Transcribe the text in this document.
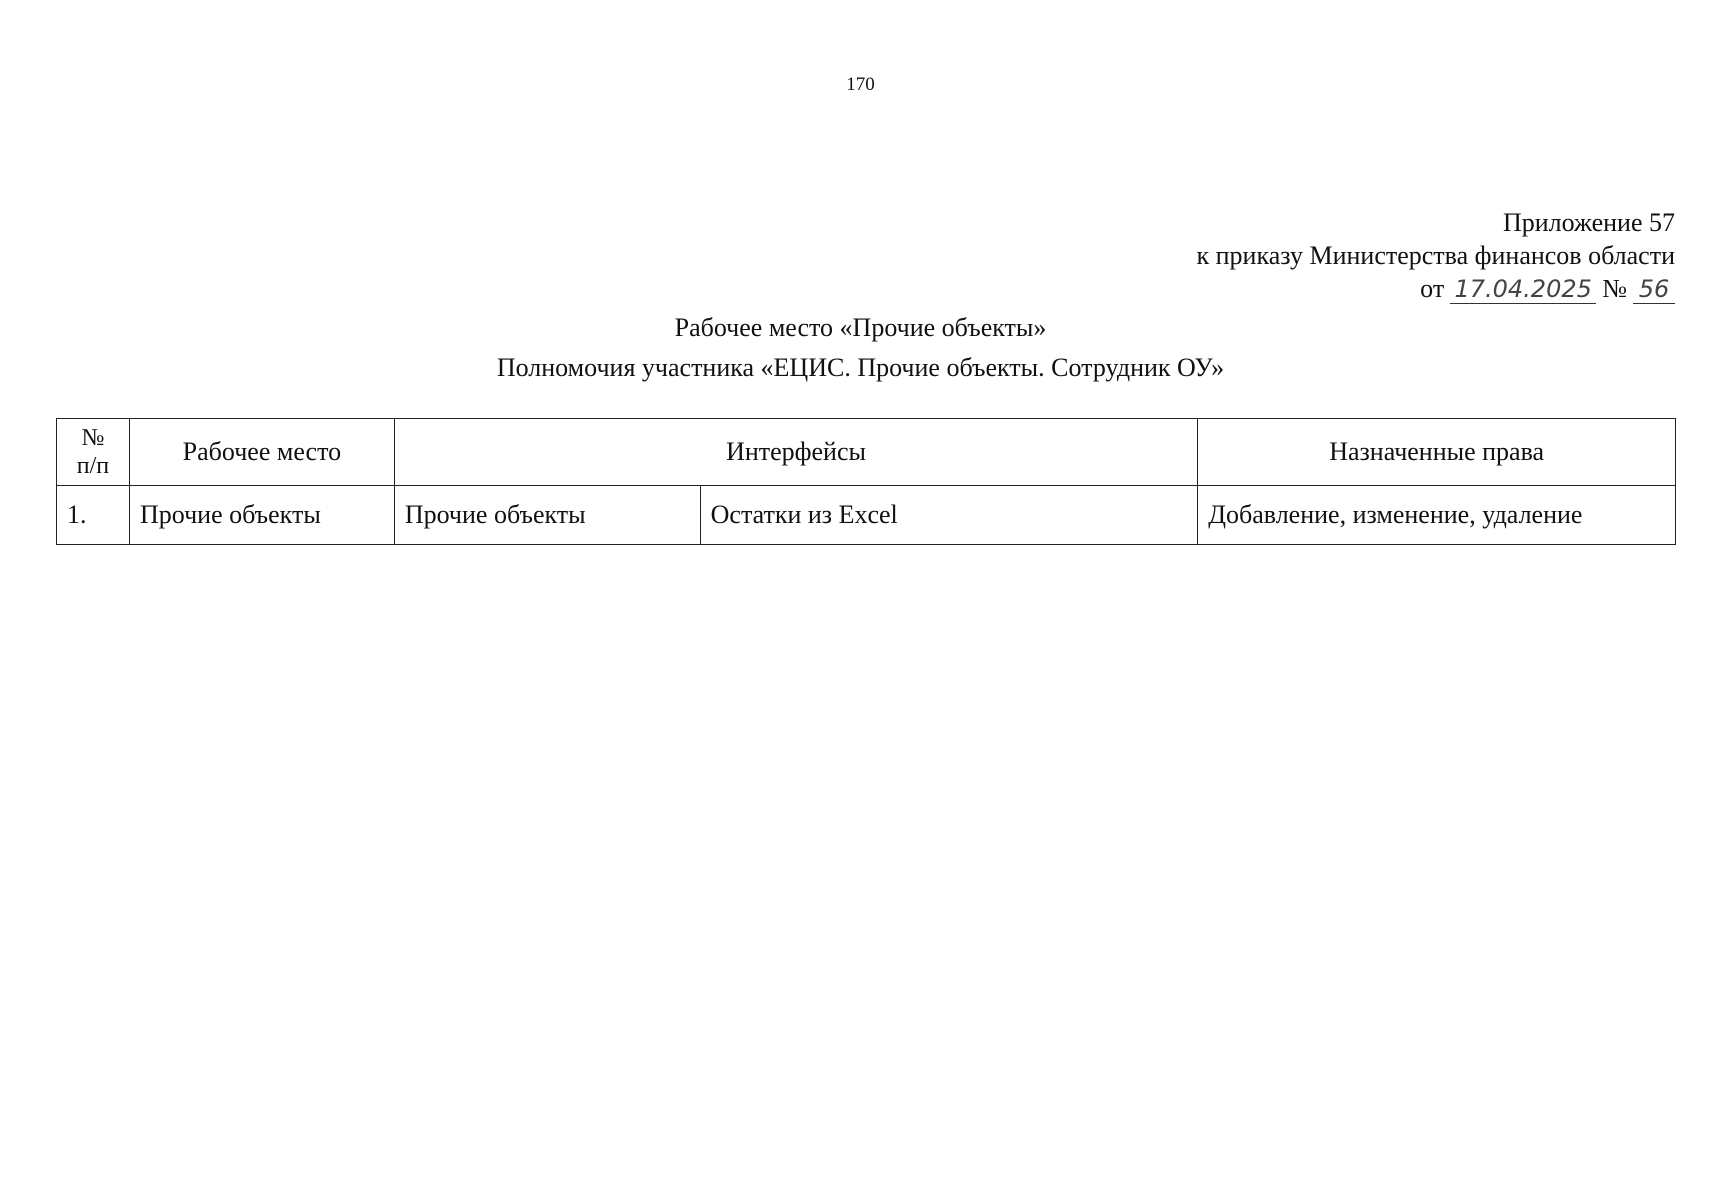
170
Приложение 57
к приказу Министерства финансов области
от 17.04.2025 № 56
Рабочее место «Прочие объекты»
Полномочия участника «ЕЦИС. Прочие объекты. Сотрудник ОУ»
№
п/п	Рабочее место	Интерфейсы		Назначенные права
1.	Прочие объекты	Прочие объекты	Остатки из Excel	Добавление, изменение, удаление
